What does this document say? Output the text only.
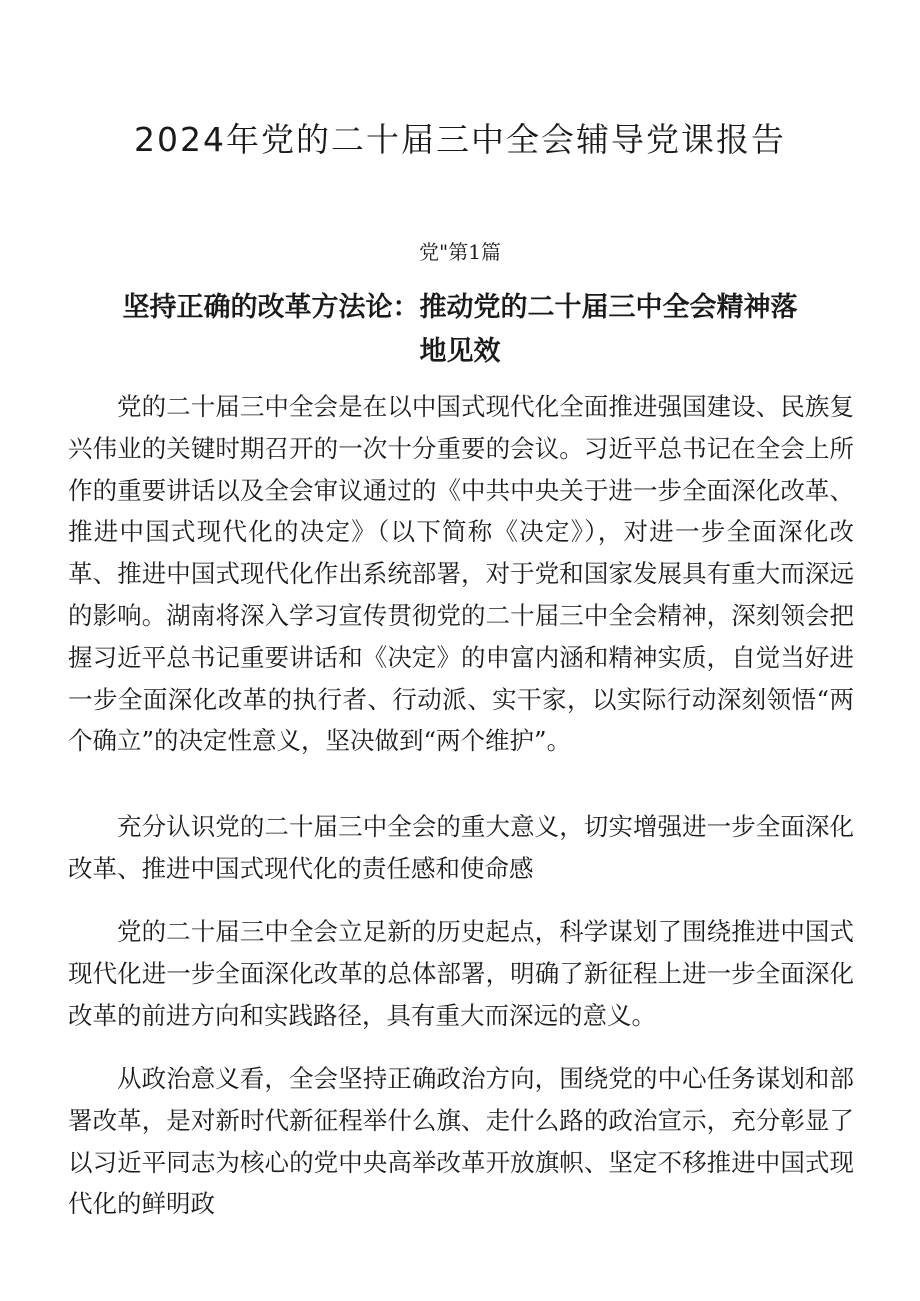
2024年党的二十届三中全会辅导党课报告
党"第1篇
坚持正确的改革方法论：推动党的二十届三中全会精神落地见效

党的二十届三中全会是在以中国式现代化全面推进强国建设、民族复兴伟业的关键时期召开的一次十分重要的会议。习近平总书记在全会上所作的重要讲话以及全会审议通过的《中共中央关于进一步全面深化改革、推进中国式现代化的决定》（以下简称《决定》），对进一步全面深化改革、推进中国式现代化作出系统部署，对于党和国家发展具有重大而深远的影响。湖南将深入学习宣传贯彻党的二十届三中全会精神，深刻领会把握习近平总书记重要讲话和《决定》的申富内涵和精神实质，自觉当好进一步全面深化改革的执行者、行动派、实干家，以实际行动深刻领悟“两个确立”的决定性意义，坚决做到“两个维护”。

充分认识党的二十届三中全会的重大意义，切实增强进一步全面深化改革、推进中国式现代化的责任感和使命感

党的二十届三中全会立足新的历史起点，科学谋划了围绕推进中国式现代化进一步全面深化改革的总体部署，明确了新征程上进一步全面深化改革的前进方向和实践路径，具有重大而深远的意义。

从政治意义看，全会坚持正确政治方向，围绕党的中心任务谋划和部署改革，是对新时代新征程举什么旗、走什么路的政治宣示，充分彰显了以习近平同志为核心的党中央高举改革开放旗帜、坚定不移推进中国式现代化的鲜明政
